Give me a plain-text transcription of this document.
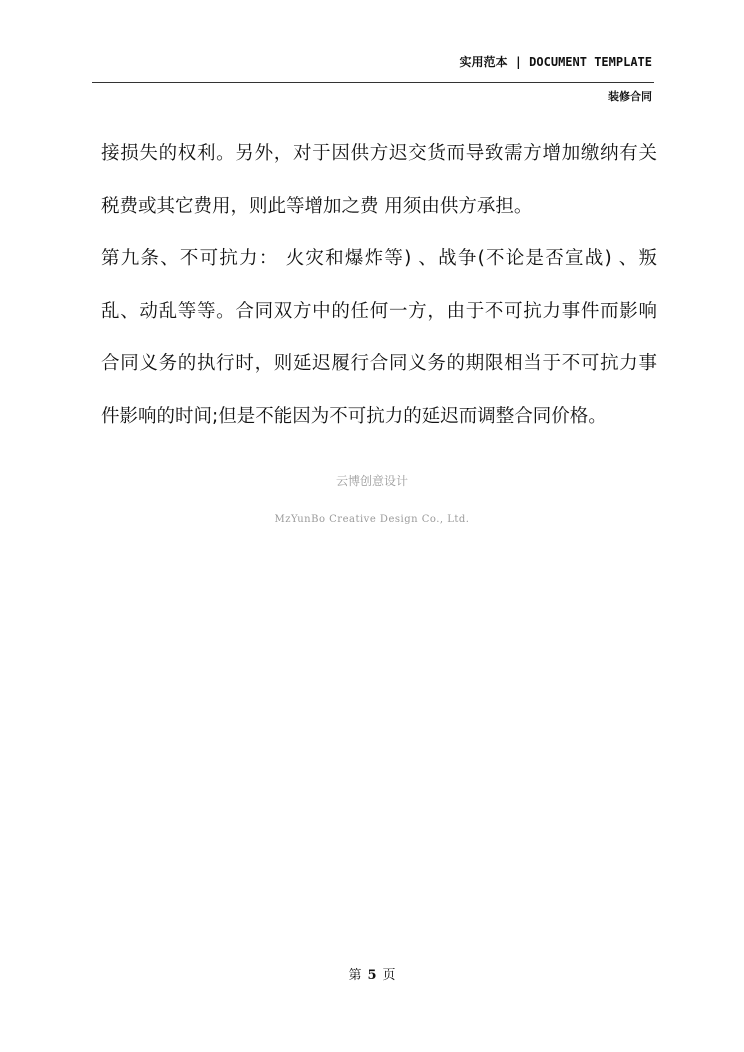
实用范本 | DOCUMENT TEMPLATE
装修合同
接损失的权利。另外，对于因供方迟交货而导致需方增加缴纳有关
税费或其它费用，则此等增加之费 用须由供方承担。
第九条、不可抗力： 火灾和爆炸等) 、战争(不论是否宣战) 、叛
乱、动乱等等。合同双方中的任何一方，由于不可抗力事件而影响
合同义务的执行时，则延迟履行合同义务的期限相当于不可抗力事
件影响的时间;但是不能因为不可抗力的延迟而调整合同价格。
云博创意设计
MzYunBo Creative Design Co., Ltd.
第 5 页
